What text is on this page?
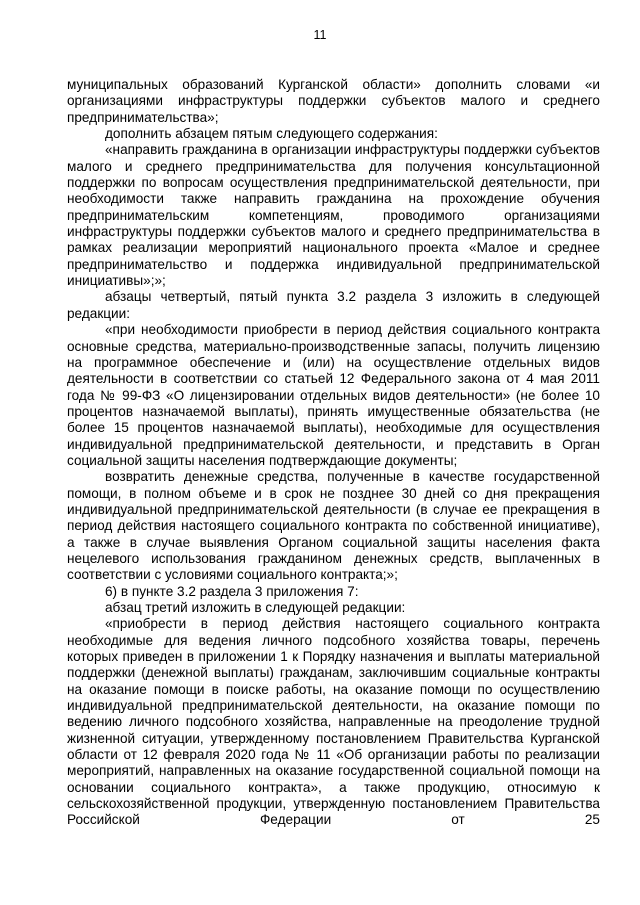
11

муниципальных образований Курганской области» дополнить словами «и организациями инфраструктуры поддержки субъектов малого и среднего предпринимательства»;

дополнить абзацем пятым следующего содержания:

«направить гражданина в организации инфраструктуры поддержки субъектов малого и среднего предпринимательства для получения консультационной поддержки по вопросам осуществления предпринимательской деятельности, при необходимости также направить гражданина на прохождение обучения предпринимательским компетенциям, проводимого организациями инфраструктуры поддержки субъектов малого и среднего предпринимательства в рамках реализации мероприятий национального проекта «Малое и среднее предпринимательство и поддержка индивидуальной предпринимательской инициативы»;»;

абзацы четвертый, пятый пункта 3.2 раздела 3 изложить в следующей редакции:

«при необходимости приобрести в период действия социального контракта основные средства, материально-производственные запасы, получить лицензию на программное обеспечение и (или) на осуществление отдельных видов деятельности в соответствии со статьей 12 Федерального закона от 4 мая 2011 года № 99-ФЗ «О лицензировании отдельных видов деятельности» (не более 10 процентов назначаемой выплаты), принять имущественные обязательства (не более 15 процентов назначаемой выплаты), необходимые для осуществления индивидуальной предпринимательской деятельности, и представить в Орган социальной защиты населения подтверждающие документы;

возвратить денежные средства, полученные в качестве государственной помощи, в полном объеме и в срок не позднее 30 дней со дня прекращения индивидуальной предпринимательской деятельности (в случае ее прекращения в период действия настоящего социального контракта по собственной инициативе), а также в случае выявления Органом социальной защиты населения факта нецелевого использования гражданином денежных средств, выплаченных в соответствии с условиями социального контракта;»;

6) в пункте 3.2 раздела 3 приложения 7:

абзац третий изложить в следующей редакции:

«приобрести в период действия настоящего социального контракта необходимые для ведения личного подсобного хозяйства товары, перечень которых приведен в приложении 1 к Порядку назначения и выплаты материальной поддержки (денежной выплаты) гражданам, заключившим социальные контракты на оказание помощи в поиске работы, на оказание помощи по осуществлению индивидуальной предпринимательской деятельности, на оказание помощи по ведению личного подсобного хозяйства, направленные на преодоление трудной жизненной ситуации, утвержденному постановлением Правительства Курганской области от 12 февраля 2020 года № 11 «Об организации работы по реализации мероприятий, направленных на оказание государственной социальной помощи на основании социального контракта», а также продукцию, относимую к сельскохозяйственной продукции, утвержденную постановлением Правительства Российской Федерации от 25
